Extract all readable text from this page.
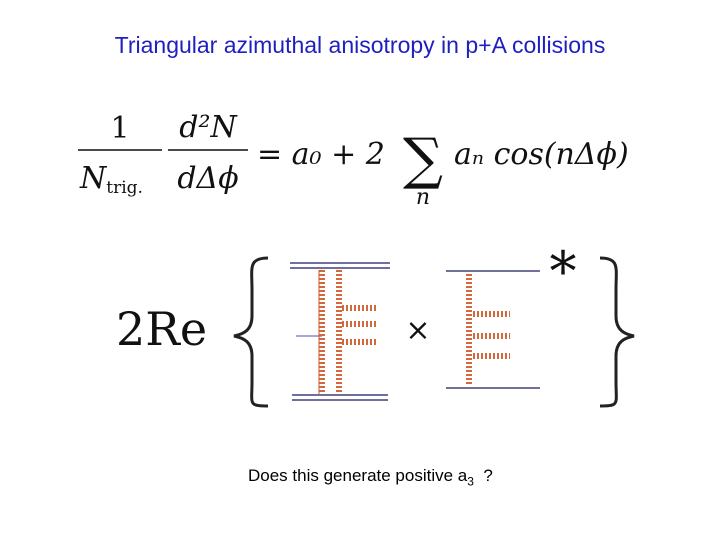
Triangular azimuthal anisotropy in p+A collisions
1
Ntrig.
d²N
dΔϕ
= a₀ + 2 ∑
n
aₙ cos(nΔϕ)
2Re	×
*
Does this generate positive $a_3$  ?
